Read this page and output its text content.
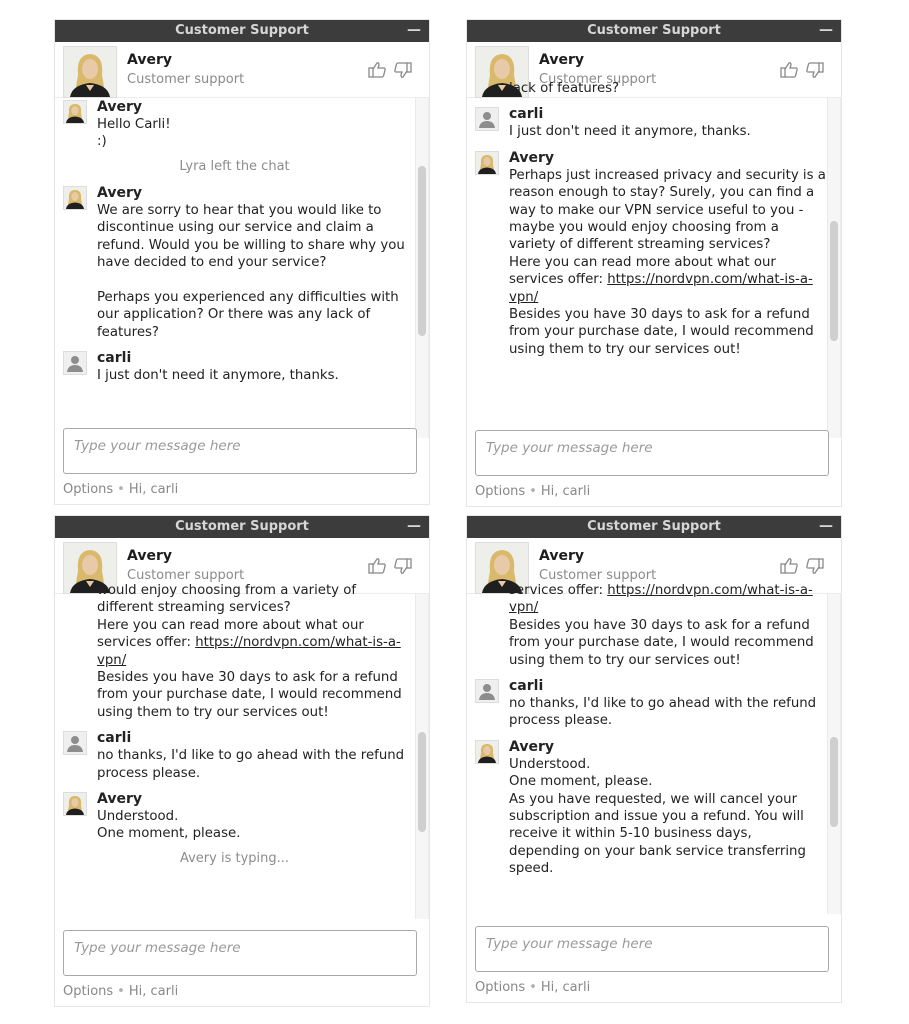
Customer Support	—
Avery
Customer support
Avery
Hello Carli!
:)
Lyra left the chat
Avery
We are sorry to hear that you would like to discontinue using our service and claim a refund. Would you be willing to share why you have decided to end your service?

Perhaps you experienced any difficulties with our application? Or there was any lack of features?
carli
I just don't need it anymore, thanks.
Type your message here
Options • Hi, carli
Customer Support	—
Avery
Customer support
lack of features?
carli
I just don't need it anymore, thanks.
Avery
Perhaps just increased privacy and security is a reason enough to stay? Surely, you can find a way to make our VPN service useful to you - maybe you would enjoy choosing from a variety of different streaming services?
Here you can read more about what our services offer: https://nordvpn.com/what-is-a-vpn/
Besides you have 30 days to ask for a refund from your purchase date, I would recommend using them to try our services out!
Type your message here
Options • Hi, carli
Customer Support	—
Avery
Customer support
would enjoy choosing from a variety of different streaming services?
Here you can read more about what our services offer: https://nordvpn.com/what-is-a-vpn/
Besides you have 30 days to ask for a refund from your purchase date, I would recommend using them to try our services out!
carli
no thanks, I'd like to go ahead with the refund process please.
Avery
Understood.
One moment, please.
Avery is typing...
Type your message here
Options • Hi, carli
Customer Support	—
Avery
Customer support
services offer: https://nordvpn.com/what-is-a-vpn/
Besides you have 30 days to ask for a refund from your purchase date, I would recommend using them to try our services out!
carli
no thanks, I'd like to go ahead with the refund process please.
Avery
Understood.
One moment, please.
As you have requested, we will cancel your subscription and issue you a refund. You will receive it within 5-10 business days, depending on your bank service transferring speed.
Type your message here
Options • Hi, carli
